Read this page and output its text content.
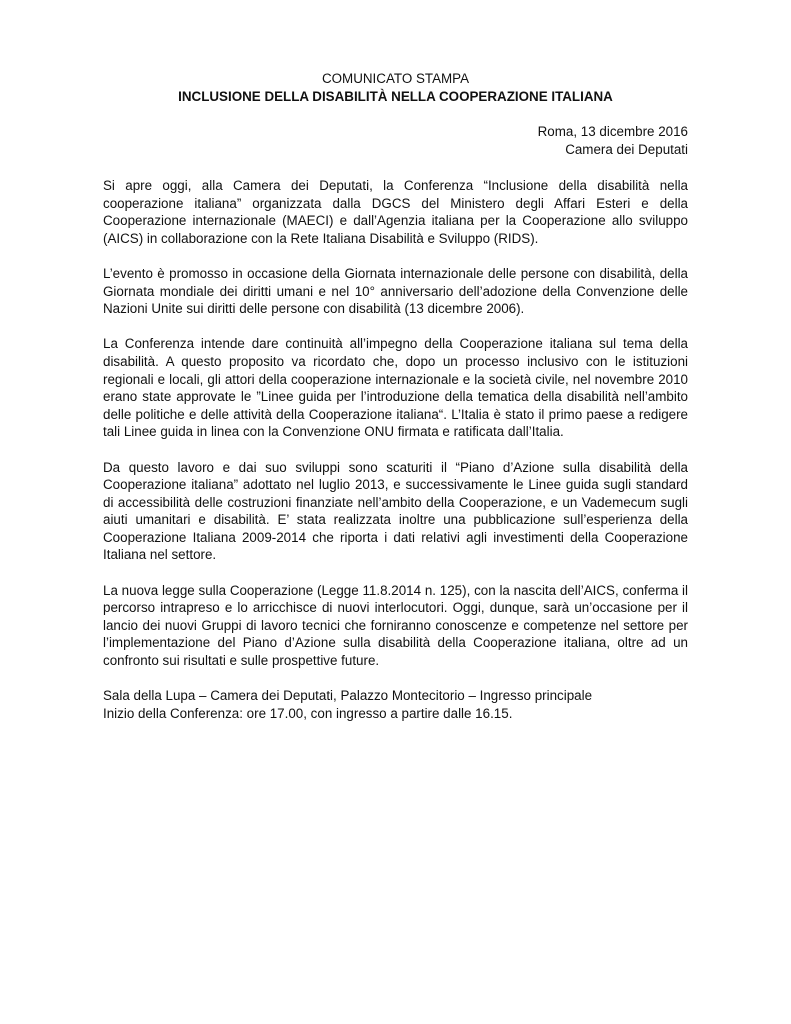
COMUNICATO STAMPA
INCLUSIONE DELLA DISABILITÀ NELLA COOPERAZIONE ITALIANA
Roma, 13 dicembre 2016
Camera dei Deputati

Si apre oggi, alla Camera dei Deputati, la Conferenza “Inclusione della disabilità nella cooperazione italiana” organizzata dalla DGCS del Ministero degli Affari Esteri e della Cooperazione internazionale (MAECI) e dall’Agenzia italiana per la Cooperazione allo sviluppo (AICS) in collaborazione con la Rete Italiana Disabilità e Sviluppo (RIDS).

L’evento è promosso in occasione della Giornata internazionale delle persone con disabilità, della Giornata mondiale dei diritti umani e nel 10° anniversario dell’adozione della Convenzione delle Nazioni Unite sui diritti delle persone con disabilità (13 dicembre 2006).

La Conferenza intende dare continuità all’impegno della Cooperazione italiana sul tema della disabilità. A questo proposito va ricordato che, dopo un processo inclusivo con le istituzioni regionali e locali, gli attori della cooperazione internazionale e la società civile, nel novembre 2010 erano state approvate le ”Linee guida per l’introduzione della tematica della disabilità nell’ambito delle politiche e delle attività della Cooperazione italiana“. L’Italia è stato il primo paese a redigere tali Linee guida in linea con la Convenzione ONU firmata e ratificata dall’Italia.

Da questo lavoro e dai suo sviluppi sono scaturiti il “Piano d’Azione sulla disabilità della Cooperazione italiana” adottato nel luglio 2013, e successivamente le Linee guida sugli standard di accessibilità delle costruzioni finanziate nell’ambito della Cooperazione, e un Vademecum sugli aiuti umanitari e disabilità. E’ stata realizzata inoltre una pubblicazione sull’esperienza della Cooperazione Italiana 2009-2014 che riporta i dati relativi agli investimenti della Cooperazione Italiana nel settore.

La nuova legge sulla Cooperazione (Legge 11.8.2014 n. 125), con la nascita dell’AICS, conferma il percorso intrapreso e lo arricchisce di nuovi interlocutori. Oggi, dunque, sarà un’occasione per il lancio dei nuovi Gruppi di lavoro tecnici che forniranno conoscenze e competenze nel settore per l’implementazione del Piano d’Azione sulla disabilità della Cooperazione italiana, oltre ad un confronto sui risultati e sulle prospettive future.

Sala della Lupa – Camera dei Deputati, Palazzo Montecitorio – Ingresso principale
Inizio della Conferenza: ore 17.00, con ingresso a partire dalle 16.15.
